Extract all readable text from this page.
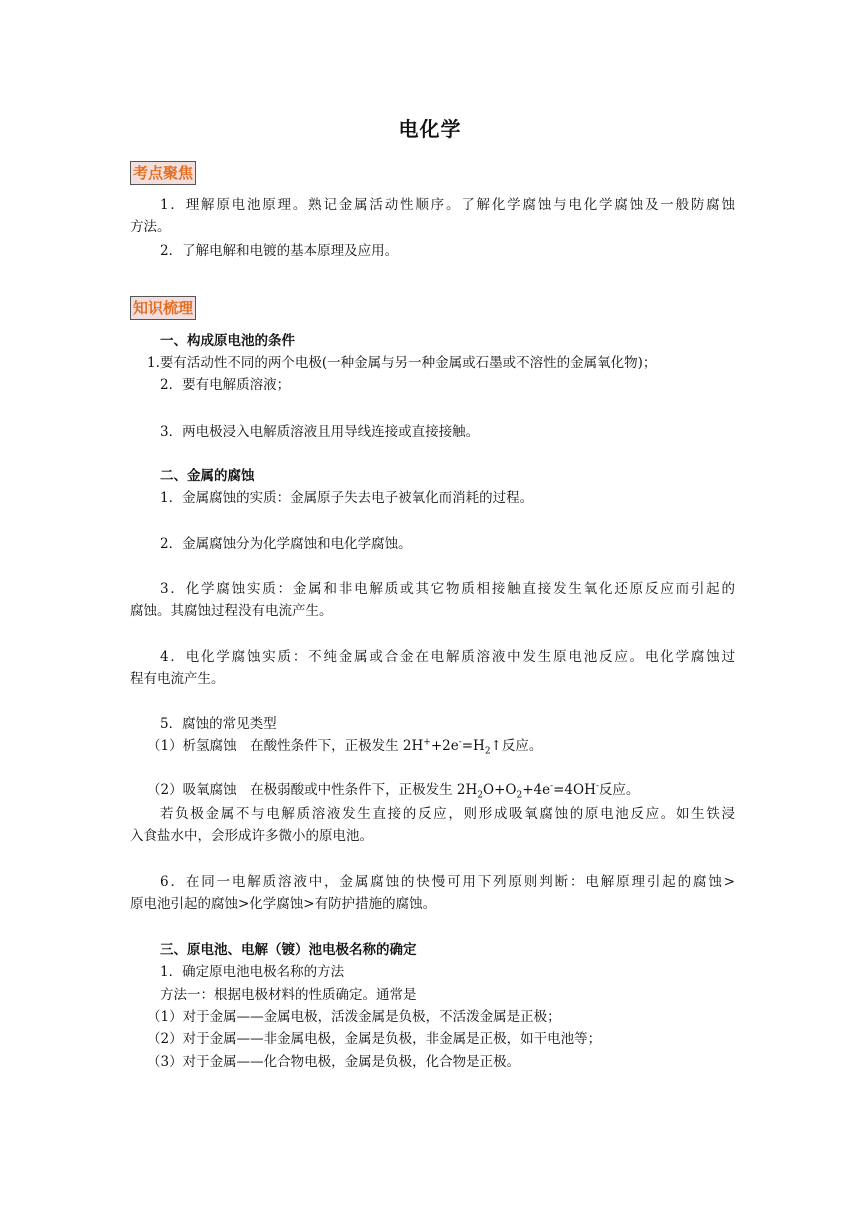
电化学
考点聚焦
1．理解原电池原理。熟记金属活动性顺序。了解化学腐蚀与电化学腐蚀及一般防腐蚀
方法。
2．了解电解和电镀的基本原理及应用。
知识梳理
一、构成原电池的条件
1.要有活动性不同的两个电极(一种金属与另一种金属或石墨或不溶性的金属氧化物)；
2．要有电解质溶液；
3．两电极浸入电解质溶液且用导线连接或直接接触。
二、金属的腐蚀
1．金属腐蚀的实质：金属原子失去电子被氧化而消耗的过程。
2．金属腐蚀分为化学腐蚀和电化学腐蚀。
3．化学腐蚀实质：金属和非电解质或其它物质相接触直接发生氧化还原反应而引起的
腐蚀。其腐蚀过程没有电流产生。
4．电化学腐蚀实质：不纯金属或合金在电解质溶液中发生原电池反应。电化学腐蚀过
程有电流产生。
5．腐蚀的常见类型
（1）析氢腐蚀　在酸性条件下，正极发生 $2H^++2e^-=H_2↑$反应。
（2）吸氧腐蚀　在极弱酸或中性条件下，正极发生 $2H_2O+O_2+4e^-=4OH^-$反应。
若负极金属不与电解质溶液发生直接的反应，则形成吸氧腐蚀的原电池反应。如生铁浸
入食盐水中，会形成许多微小的原电池。
6．在同一电解质溶液中，金属腐蚀的快慢可用下列原则判断：电解原理引起的腐蚀>
原电池引起的腐蚀>化学腐蚀>有防护措施的腐蚀。
三、原电池、电解（镀）池电极名称的确定
1．确定原电池电极名称的方法
方法一：根据电极材料的性质确定。通常是
（1）对于金属——金属电极，活泼金属是负极，不活泼金属是正极；
（2）对于金属——非金属电极，金属是负极，非金属是正极，如干电池等；
（3）对于金属——化合物电极，金属是负极，化合物是正极。
